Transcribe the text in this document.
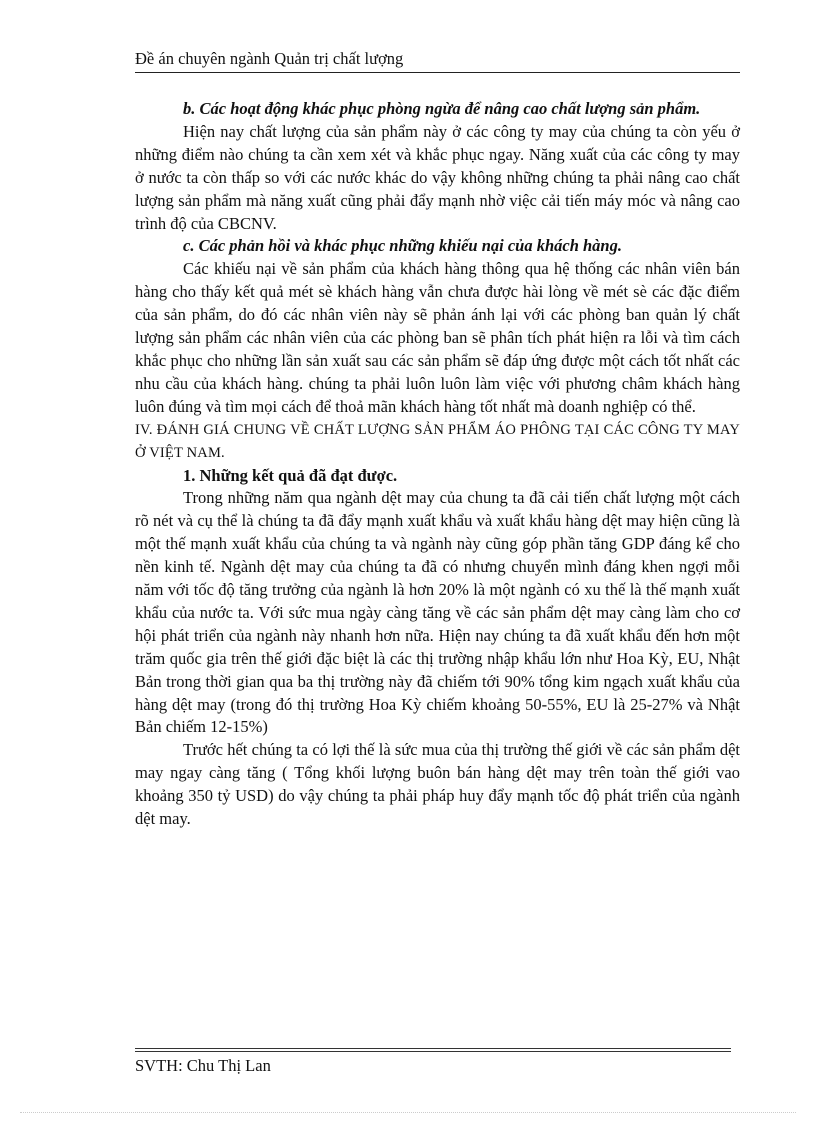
Đề án chuyên ngành Quản trị chất lượng

b. Các hoạt động khác phục phòng ngừa để nâng cao chất lượng sản phẩm.

Hiện nay chất lượng của sản phẩm này ở các công ty may của chúng ta còn yếu ở những điểm nào chúng ta cần xem xét và khắc phục ngay. Năng xuất của các công ty may ở nước ta còn thấp so với các nước khác do vậy không những chúng ta phải nâng cao chất lượng sản phẩm mà năng xuất cũng phải đẩy mạnh nhờ việc cải tiến máy móc và nâng cao trình độ của CBCNV.

c. Các phản hồi và khác phục những khiếu nại của khách hàng.

Các khiếu nại về sản phẩm của khách hàng thông qua hệ thống các nhân viên bán hàng cho thấy kết quả mét sè khách hàng vẫn chưa được hài lòng về mét sè các đặc điểm của sản phẩm, do đó các nhân viên này sẽ phản ánh lại với các phòng ban quản lý chất lượng sản phẩm các nhân viên của các phòng ban sẽ phân tích phát hiện ra lỗi và tìm cách khắc phục cho những lần sản xuất sau các sản phẩm sẽ đáp ứng được một cách tốt nhất các nhu cầu của khách hàng. chúng ta phải luôn luôn làm việc với phương châm khách hàng luôn đúng và tìm mọi cách để thoả mãn khách hàng tốt nhất mà doanh nghiệp có thể.

IV. ĐÁNH GIÁ CHUNG VỀ CHẤT LƯỢNG SẢN PHẨM ÁO PHÔNG TẠI CÁC CÔNG TY MAY Ở VIỆT NAM.

1. Những kết quả đã đạt được.

Trong những năm qua ngành dệt may của chung ta đã cải tiến chất lượng một cách rõ nét và cụ thể là chúng ta đã đẩy mạnh xuất khẩu và xuất khẩu hàng dệt may hiện cũng là một thế mạnh xuất khẩu của chúng ta và ngành này cũng góp phần tăng GDP đáng kể cho nền kinh tế. Ngành dệt may của chúng ta đã có nhưng chuyển mình đáng khen ngợi mỗi năm với tốc độ tăng trưởng của ngành là hơn 20% là một ngành có xu thế là thế mạnh xuất khẩu của nước ta. Với sức mua ngày càng tăng về các sản phẩm dệt may càng làm cho cơ hội phát triển của ngành này nhanh hơn nữa. Hiện nay chúng ta đã xuất khẩu đến hơn một trăm quốc gia trên thế giới đặc biệt là các thị trường nhập khẩu lớn như Hoa Kỳ, EU, Nhật Bản trong thời gian qua ba thị trường này đã chiếm tới 90% tổng kim ngạch xuất khẩu của hàng dệt may (trong đó thị trường Hoa Kỳ chiếm khoảng 50-55%, EU là 25-27% và Nhật Bản chiếm 12-15%)

Trước hết chúng ta có lợi thế là sức mua của thị trường thế giới về các sản phẩm dệt may ngay càng tăng ( Tổng khối lượng buôn bán hàng dệt may trên toàn thế giới vao khoảng 350 tỷ USD) do vậy chúng ta phải pháp huy đẩy mạnh tốc độ phát triển của ngành dệt may.

SVTH: Chu Thị Lan
